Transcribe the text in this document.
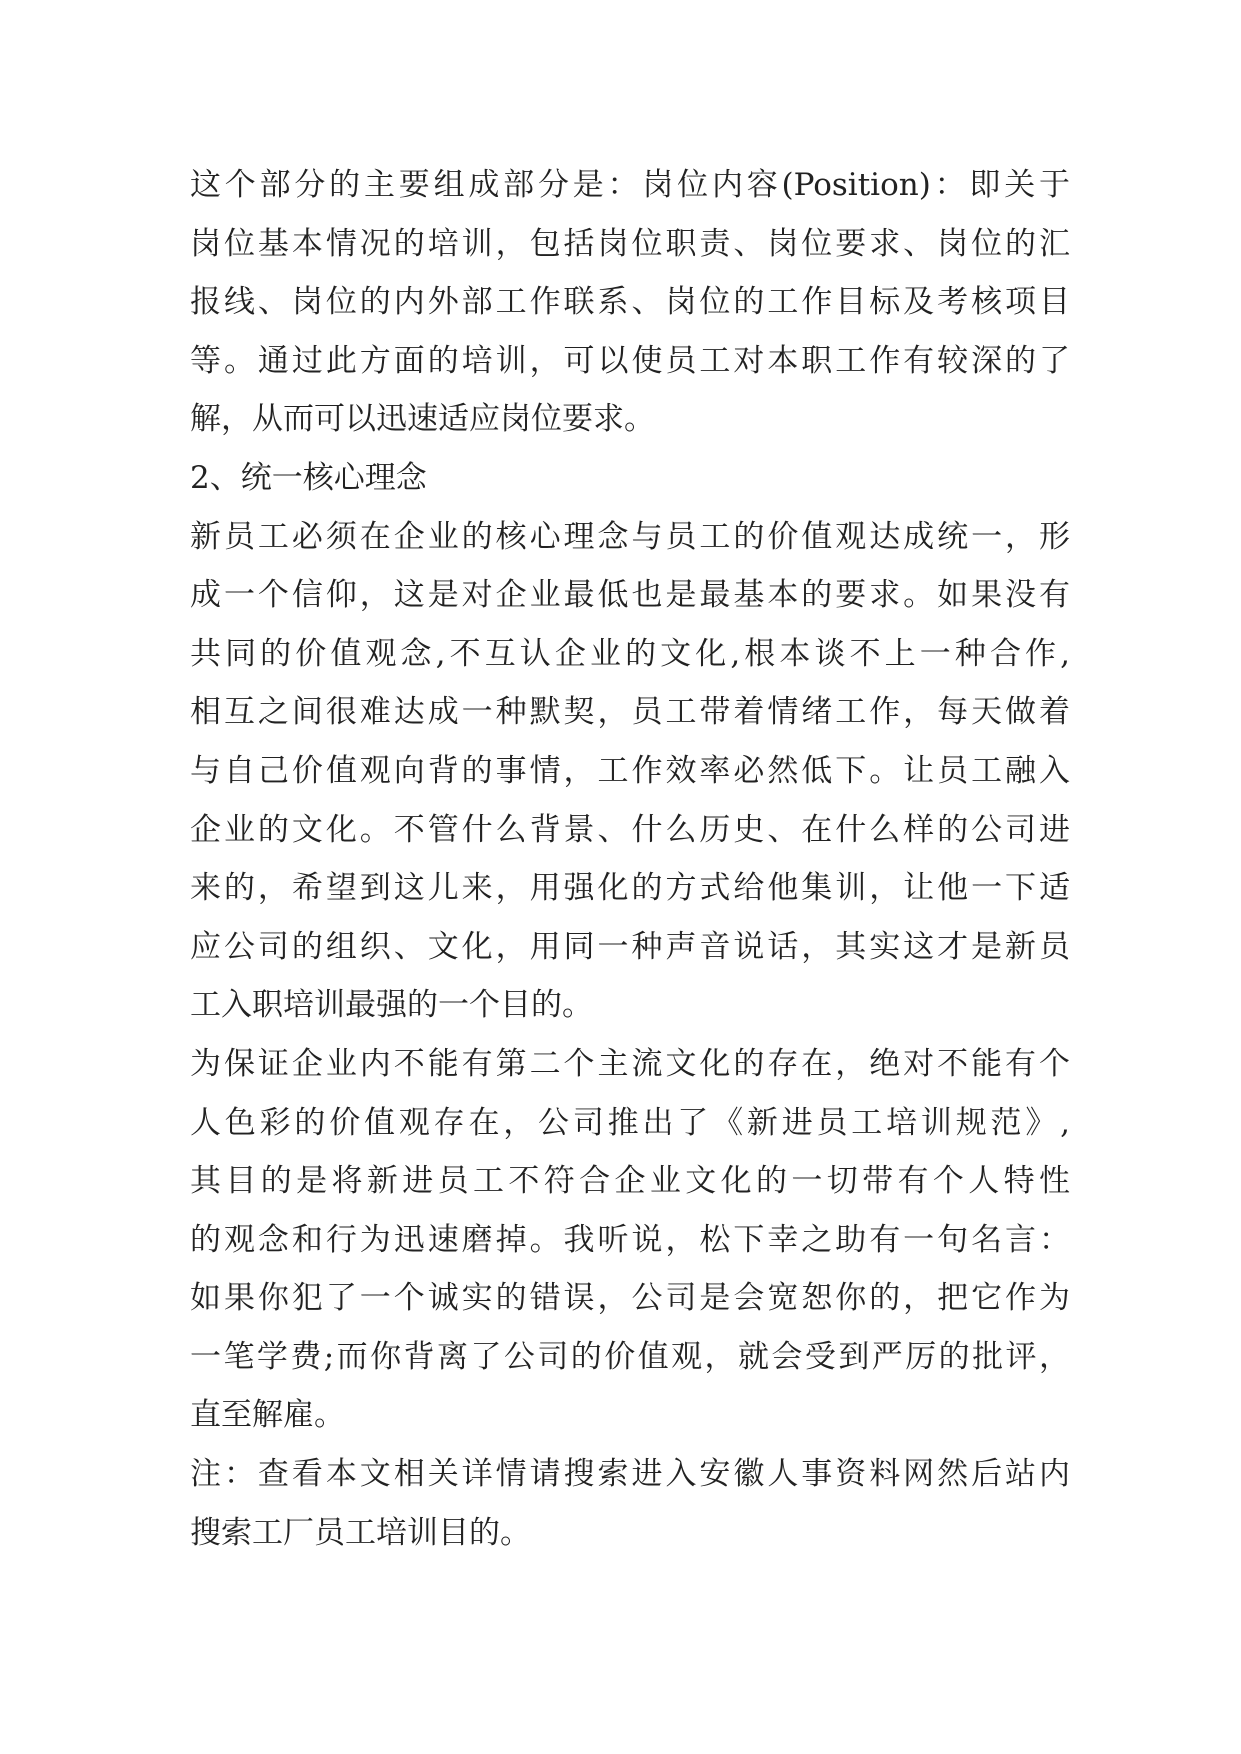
这个部分的主要组成部分是：岗位内容(Position)：即关于
岗位基本情况的培训，包括岗位职责、岗位要求、岗位的汇
报线、岗位的内外部工作联系、岗位的工作目标及考核项目
等。通过此方面的培训，可以使员工对本职工作有较深的了
解，从而可以迅速适应岗位要求。
2、统一核心理念
新员工必须在企业的核心理念与员工的价值观达成统一，形
成一个信仰，这是对企业最低也是最基本的要求。如果没有
共同的价值观念,不互认企业的文化,根本谈不上一种合作,
相互之间很难达成一种默契，员工带着情绪工作，每天做着
与自己价值观向背的事情，工作效率必然低下。让员工融入
企业的文化。不管什么背景、什么历史、在什么样的公司进
来的，希望到这儿来，用强化的方式给他集训，让他一下适
应公司的组织、文化，用同一种声音说话，其实这才是新员
工入职培训最强的一个目的。
为保证企业内不能有第二个主流文化的存在，绝对不能有个
人色彩的价值观存在，公司推出了《新进员工培训规范》,
其目的是将新进员工不符合企业文化的一切带有个人特性
的观念和行为迅速磨掉。我听说，松下幸之助有一句名言：
如果你犯了一个诚实的错误，公司是会宽恕你的，把它作为
一笔学费;而你背离了公司的价值观，就会受到严厉的批评，
直至解雇。
注：查看本文相关详情请搜索进入安徽人事资料网然后站内
搜索工厂员工培训目的。
